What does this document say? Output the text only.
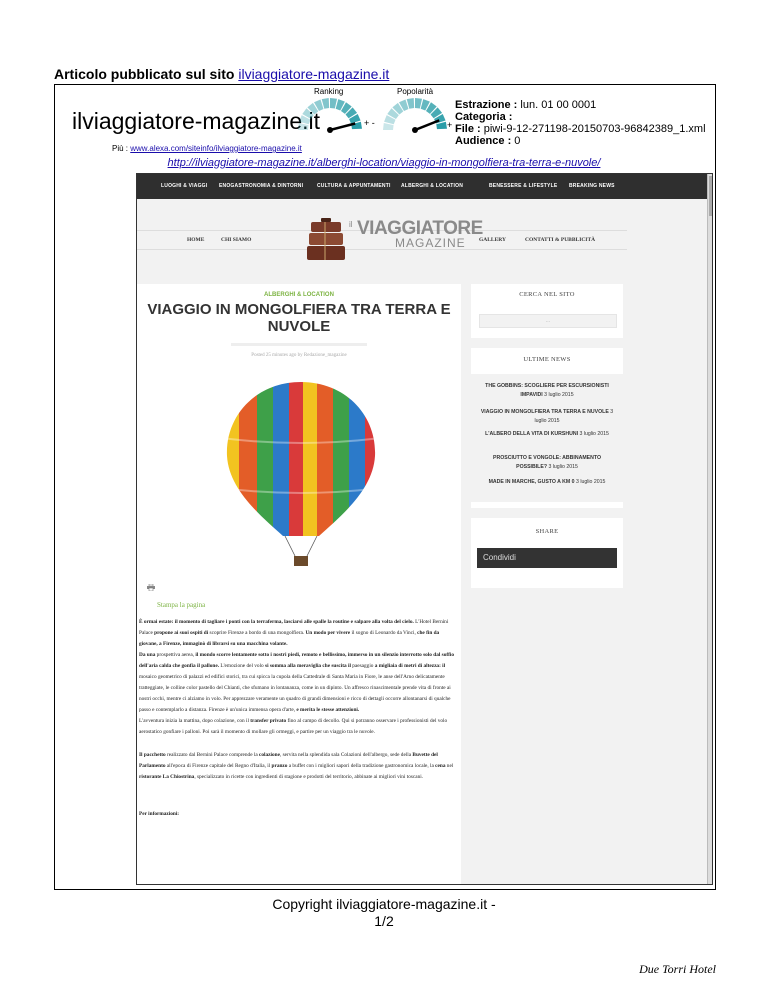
Articolo pubblicato sul sito ilviaggiatore-magazine.it
ilviaggiatore-magazine.it
Ranking	Popolarità
+ -	+
Più : www.alexa.com/siteinfo/ilviaggiatore-magazine.it
Estrazione : lun. 01 00 0001
Categoria :
File : piwi-9-12-271198-20150703-96842389_1.xml
Audience : 0
http://ilviaggiatore-magazine.it/alberghi-location/viaggio-in-mongolfiera-tra-terra-e-nuvole/
LUOGHI & VIAGGI ENOGASTRONOMIA & DINTORNI	CULTURA & APPUNTAMENTI ALBERGHI & LOCATION	BENESSERE & LIFESTYLE BREAKING NEWS
HOME	CHI SIAMO	GALLERY	CONTATTI & PUBBLICITÀ
il VIAGGIATORE
MAGAZINE
ALBERGHI & LOCATION
VIAGGIO IN MONGOLFIERA TRA TERRA E NUVOLE
Posted 25 minutes ago by Redazione_magazine
Stampa la pagina

È ormai estate: il momento di tagliare i ponti con la terraferma, lasciarsi alle spalle la routine e salpare alla volta del cielo. L'Hotel Bernini Palace propone ai suoi ospiti di scoprire Firenze a bordo di una mongolfiera. Un modo per vivere il sogno di Leonardo da Vinci, che fin da giovane, a Firenze, immaginò di librarsi su una macchina volante.

Da una prospettiva aerea, il mondo scorre lentamente sotto i nostri piedi, remoto e bellissimo, immerso in un silenzio interrotto solo dal soffio dell'aria calda che gonfia il pallone. L'emozione del volo si somma alla meraviglia che suscita il paesaggio a migliaia di metri di altezza: il mosaico geometrico di palazzi ed edifici storici, tra cui spicca la cupola della Cattedrale di Santa Maria in Fiore, le anse dell'Arno delicatamente tratteggiate, le colline color pastello del Chianti, che sfumano in lontananza, come in un dipinto. Un affresco rinascimentale prende vita di fronte ai nostri occhi, mentre ci alziamo in volo. Per apprezzare veramente un quadro di grandi dimensioni e ricco di dettagli occorre allontanarsi di qualche passo e contemplarlo a distanza. Firenze è un'unica immensa opera d'arte, e merita le stesse attenzioni.

L'avventura inizia la mattina, dopo colazione, con il transfer privato fino al campo di decollo. Qui si potranno osservare i professionisti del volo aerostatico gonfiare i palloni. Poi sarà il momento di mollare gli ormeggi, e partire per un viaggio tra le nuvole.

Il pacchetto realizzato dal Bernini Palace comprende la colazione, servita nella splendida sala Colazioni dell'albergo, sede della Buvette del Parlamento all'epoca di Firenze capitale del Regno d'Italia, il pranzo a buffet con i migliori sapori della tradizione gastronomica locale, la cena nel ristorante La Chiostrina, specializzato in ricette con ingredienti di stagione e prodotti del territorio, abbinate ai migliori vini toscani.

Per informazioni:

CERCA NEL SITO
...
ULTIME NEWS
THE GOBBINS: SCOGLIERE PER ESCURSIONISTI IMPAVIDI 3 luglio 2015
VIAGGIO IN MONGOLFIERA TRA TERRA E NUVOLE 3 luglio 2015
L'ALBERO DELLA VITA DI KURSHUNI 3 luglio 2015
PROSCIUTTO E VONGOLE: ABBINAMENTO POSSIBILE? 3 luglio 2015
MADE IN MARCHE, GUSTO A KM 0 3 luglio 2015
SHARE
Condividi
Copyright ilviaggiatore-magazine.it -
1/2
Due Torri Hotel
